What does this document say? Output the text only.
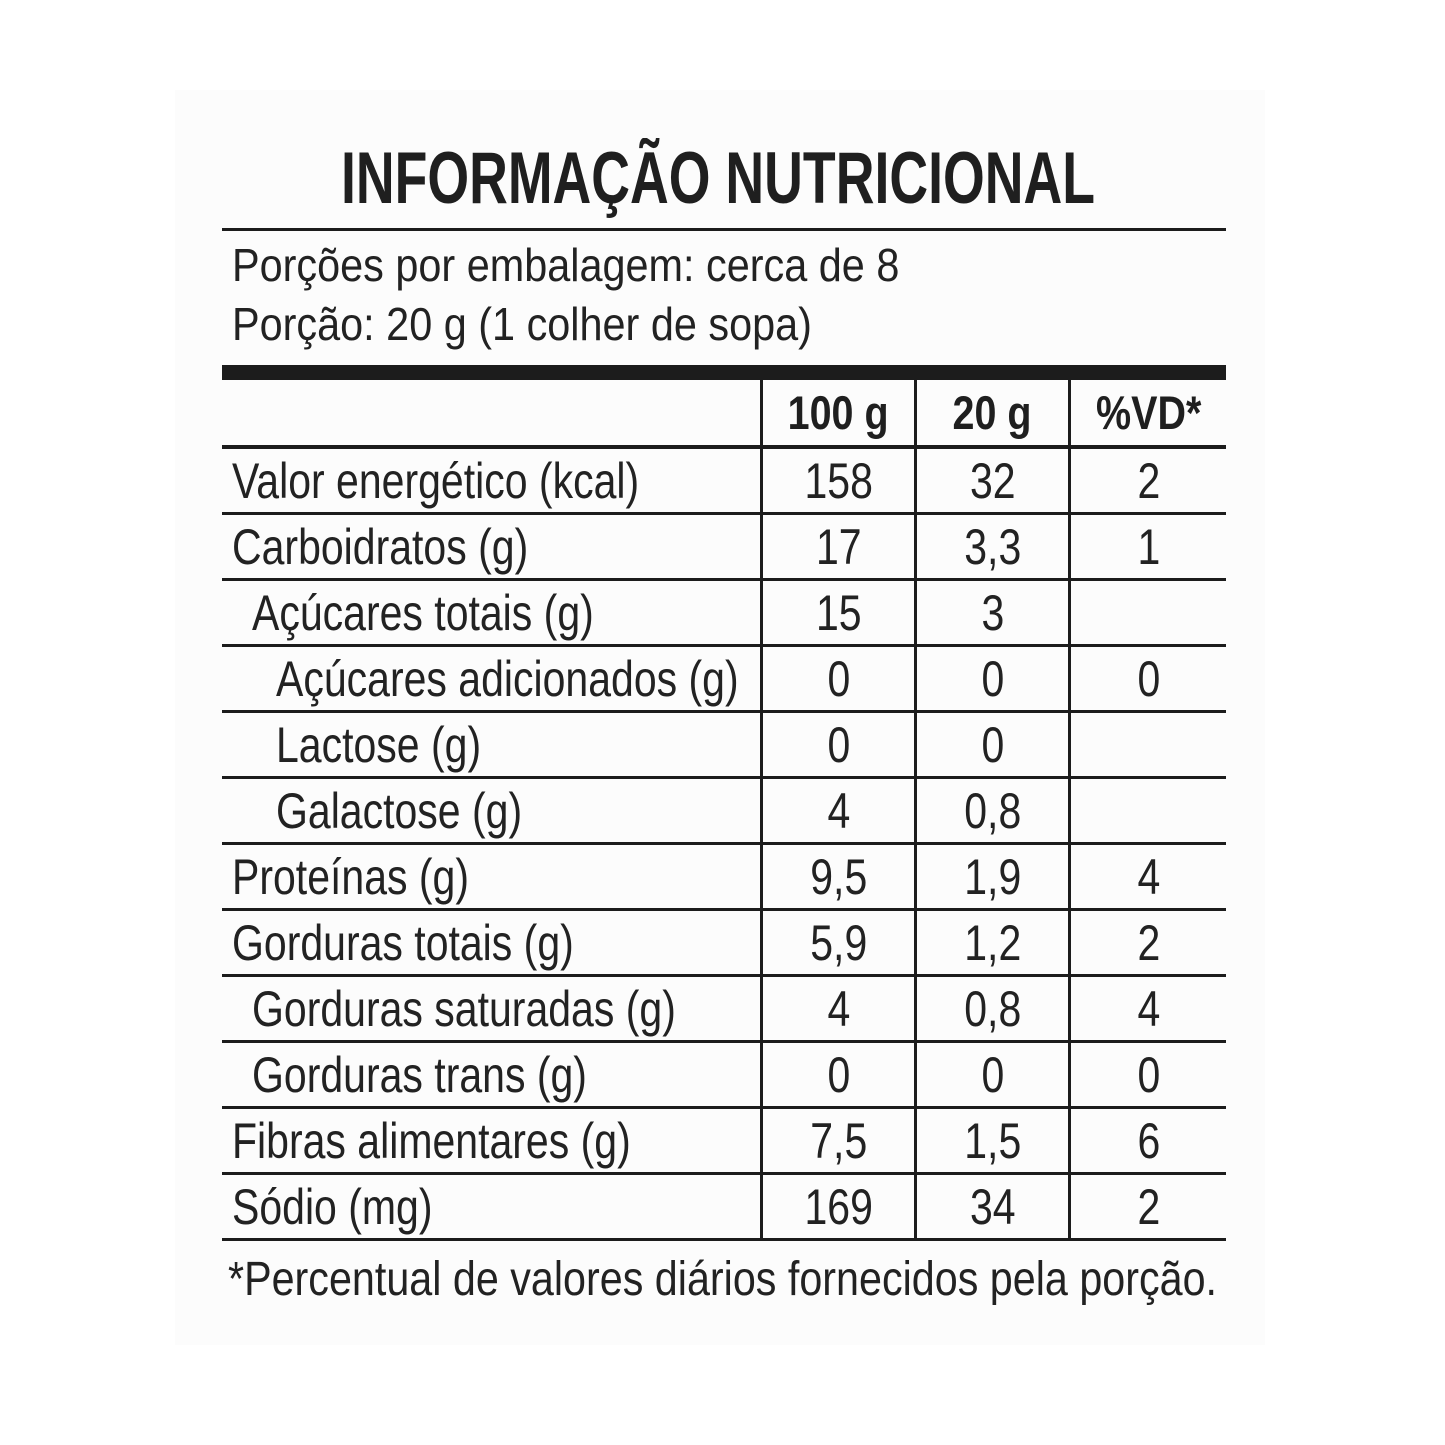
INFORMAÇÃO NUTRICIONAL
Porções por embalagem: cerca de 8
Porção: 20 g (1 colher de sopa)
100 g 20 g %VD*
Valor energético (kcal)	158 32 2
Carboidratos (g)	17 3,3 1
Açúcares totais (g)	15 3
Açúcares adicionados (g) 0	0	0
Lactose (g)	0	0
Galactose (g)	4 0,8
Proteínas (g)	9,5 1,9 4
Gorduras totais (g)	5,9 1,2 2
Gorduras saturadas (g)	4 0,8 4
Gorduras trans (g)	0	0	0
Fibras alimentares (g)	7,5 1,5 6
Sódio (mg)	169 34 2
*Percentual de valores diários fornecidos pela porção.
